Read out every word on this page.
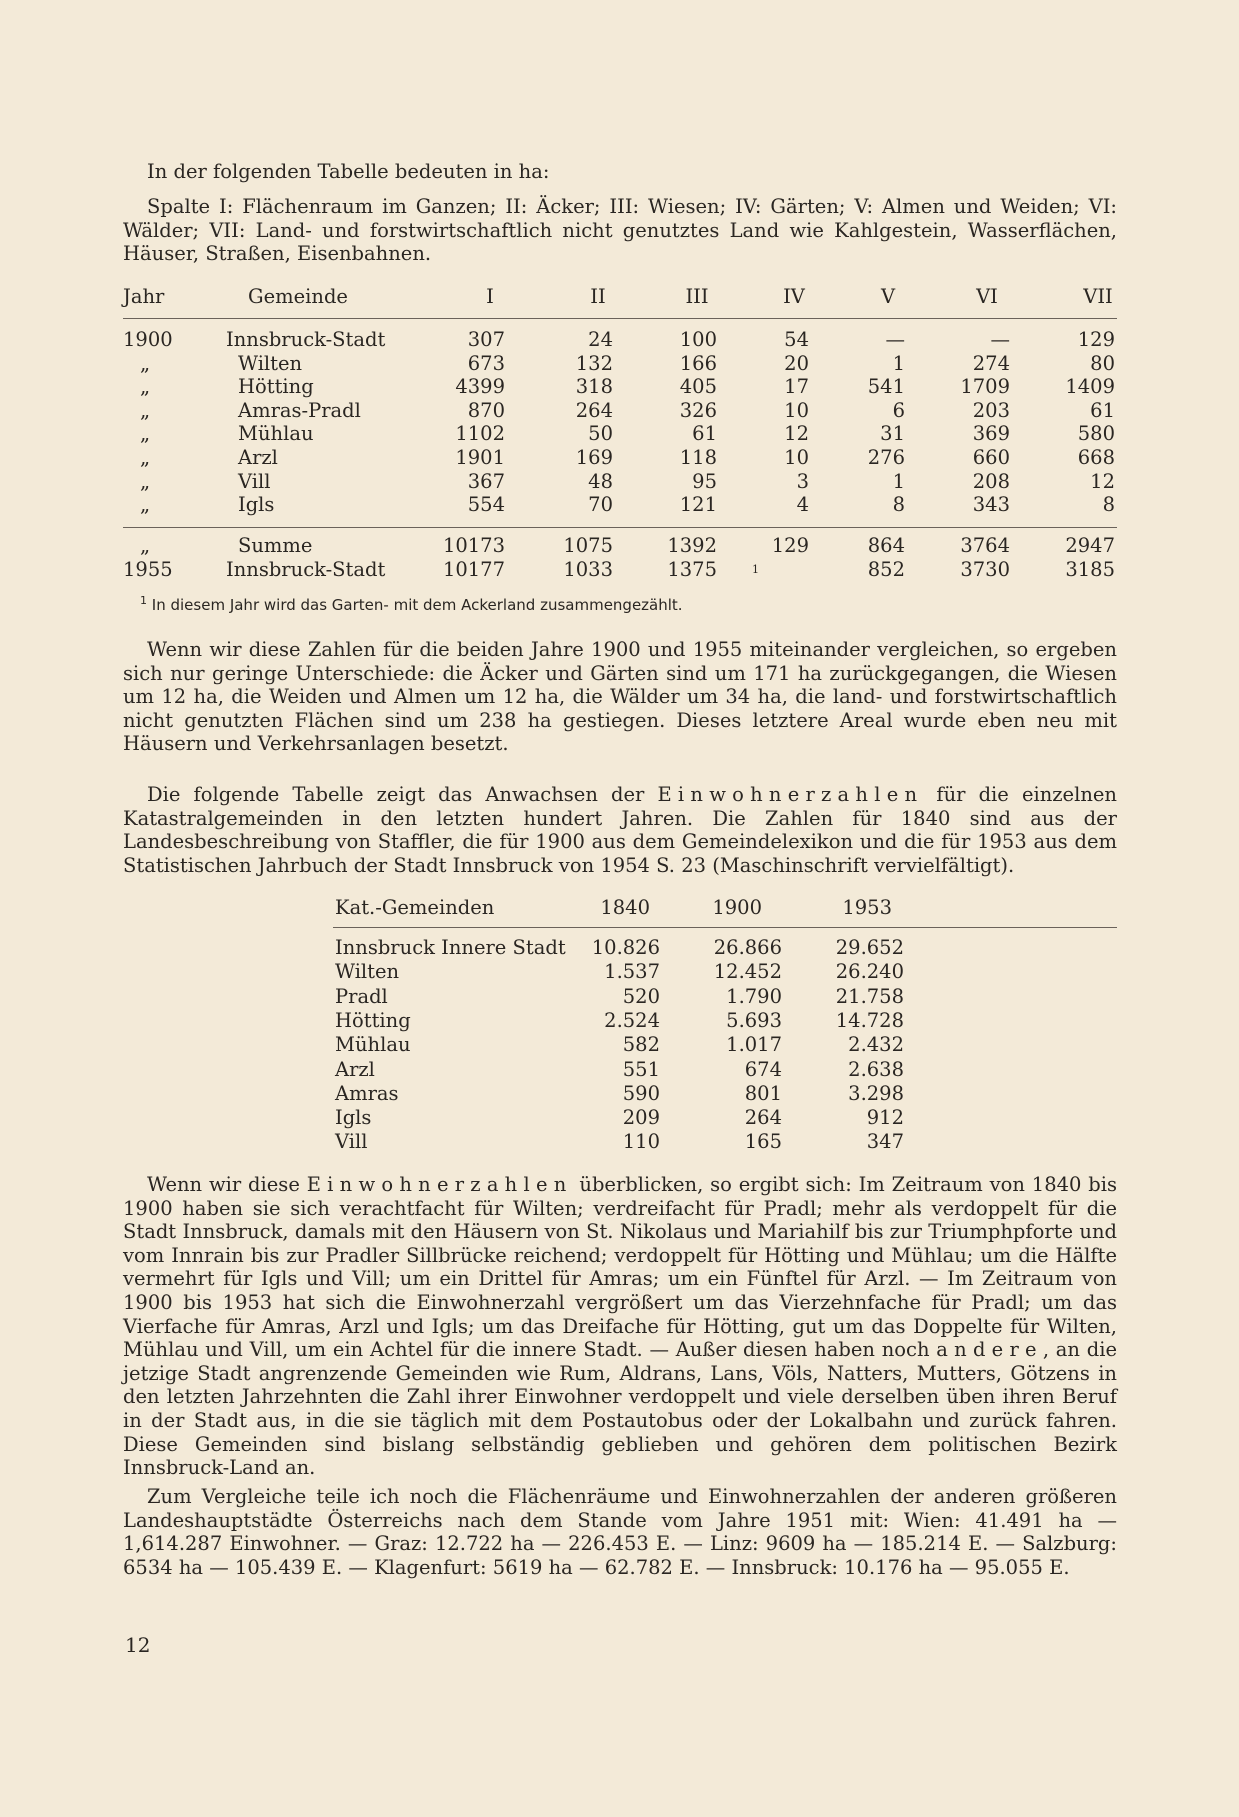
In der folgenden Tabelle bedeuten in ha:

Spalte I: Flächenraum im Ganzen; II: Äcker; III: Wiesen; IV: Gärten; V: Almen und Weiden; VI: Wälder; VII: Land- und forstwirtschaftlich nicht genutztes Land wie Kahlgestein, Wasserflächen, Häuser, Straßen, Eisenbahnen.

Jahr	Gemeinde	I	II	III	IV	V	VI	VII
1900	Innsbruck-Stadt	307	24	100	54	—	—	129
„	Wilten	673	132	166	20	1	274	80
„	Hötting	4399	318	405	17	541	1709	1409
„	Amras-Pradl	870	264	326	10	6	203	61
„	Mühlau	1102	50	61	12	31	369	580
„	Arzl	1901	169	118	10	276	660	668
„	Vill	367	48	95	3	1	208	12
„	Igls	554	70	121	4	8	343	8
„	Summe	10173	1075	1392	129	864	3764	2947
1955	Innsbruck-Stadt	10177	1033	1375	$^1$	852	3730	3185
$^1$ In diesem Jahr wird das Garten- mit dem Ackerland zusammengezählt.

Wenn wir diese Zahlen für die beiden Jahre 1900 und 1955 miteinander vergleichen, so ergeben sich nur geringe Unterschiede: die Äcker und Gärten sind um 171 ha zurückgegangen, die Wiesen um 12 ha, die Weiden und Almen um 12 ha, die Wälder um 34 ha, die land- und forstwirtschaftlich nicht genutzten Flächen sind um 238 ha gestiegen. Dieses letztere Areal wurde eben neu mit Häusern und Verkehrsanlagen besetzt.

Die folgende Tabelle zeigt das Anwachsen der Einwohnerzahlen für die einzelnen Katastralgemeinden in den letzten hundert Jahren. Die Zahlen für 1840 sind aus der Landesbeschreibung von Staffler, die für 1900 aus dem Gemeindelexikon und die für 1953 aus dem Statistischen Jahrbuch der Stadt Innsbruck von 1954 S. 23 (Maschinschrift vervielfältigt).

Kat.-Gemeinden	1840	1900	1953
Innsbruck Innere Stadt	10.826	26.866	29.652
Wilten	1.537	12.452	26.240
Pradl	520	1.790	21.758
Hötting	2.524	5.693	14.728
Mühlau	582	1.017	2.432
Arzl	551	674	2.638
Amras	590	801	3.298
Igls	209	264	912
Vill	110	165	347

Wenn wir diese Einwohnerzahlen überblicken, so ergibt sich: Im Zeitraum von 1840 bis 1900 haben sie sich verachtfacht für Wilten; verdreifacht für Pradl; mehr als verdoppelt für die Stadt Innsbruck, damals mit den Häusern von St. Nikolaus und Mariahilf bis zur Triumphpforte und vom Innrain bis zur Pradler Sillbrücke reichend; verdoppelt für Hötting und Mühlau; um die Hälfte vermehrt für Igls und Vill; um ein Drittel für Amras; um ein Fünftel für Arzl. — Im Zeitraum von 1900 bis 1953 hat sich die Einwohnerzahl vergrößert um das Vierzehnfache für Pradl; um das Vierfache für Amras, Arzl und Igls; um das Dreifache für Hötting, gut um das Doppelte für Wilten, Mühlau und Vill, um ein Achtel für die innere Stadt. — Außer diesen haben noch andere, an die jetzige Stadt angrenzende Gemeinden wie Rum, Aldrans, Lans, Völs, Natters, Mutters, Götzens in den letzten Jahrzehnten die Zahl ihrer Einwohner verdoppelt und viele derselben üben ihren Beruf in der Stadt aus, in die sie täglich mit dem Postautobus oder der Lokalbahn und zurück fahren. Diese Gemeinden sind bislang selbständig geblieben und gehören dem politischen Bezirk Innsbruck-Land an.

Zum Vergleiche teile ich noch die Flächenräume und Einwohnerzahlen der anderen größeren Landeshauptstädte Österreichs nach dem Stande vom Jahre 1951 mit: Wien: 41.491 ha — 1,614.287 Einwohner. — Graz: 12.722 ha — 226.453 E. — Linz: 9609 ha — 185.214 E. — Salzburg: 6534 ha — 105.439 E. — Klagenfurt: 5619 ha — 62.782 E. — Innsbruck: 10.176 ha — 95.055 E.

12
